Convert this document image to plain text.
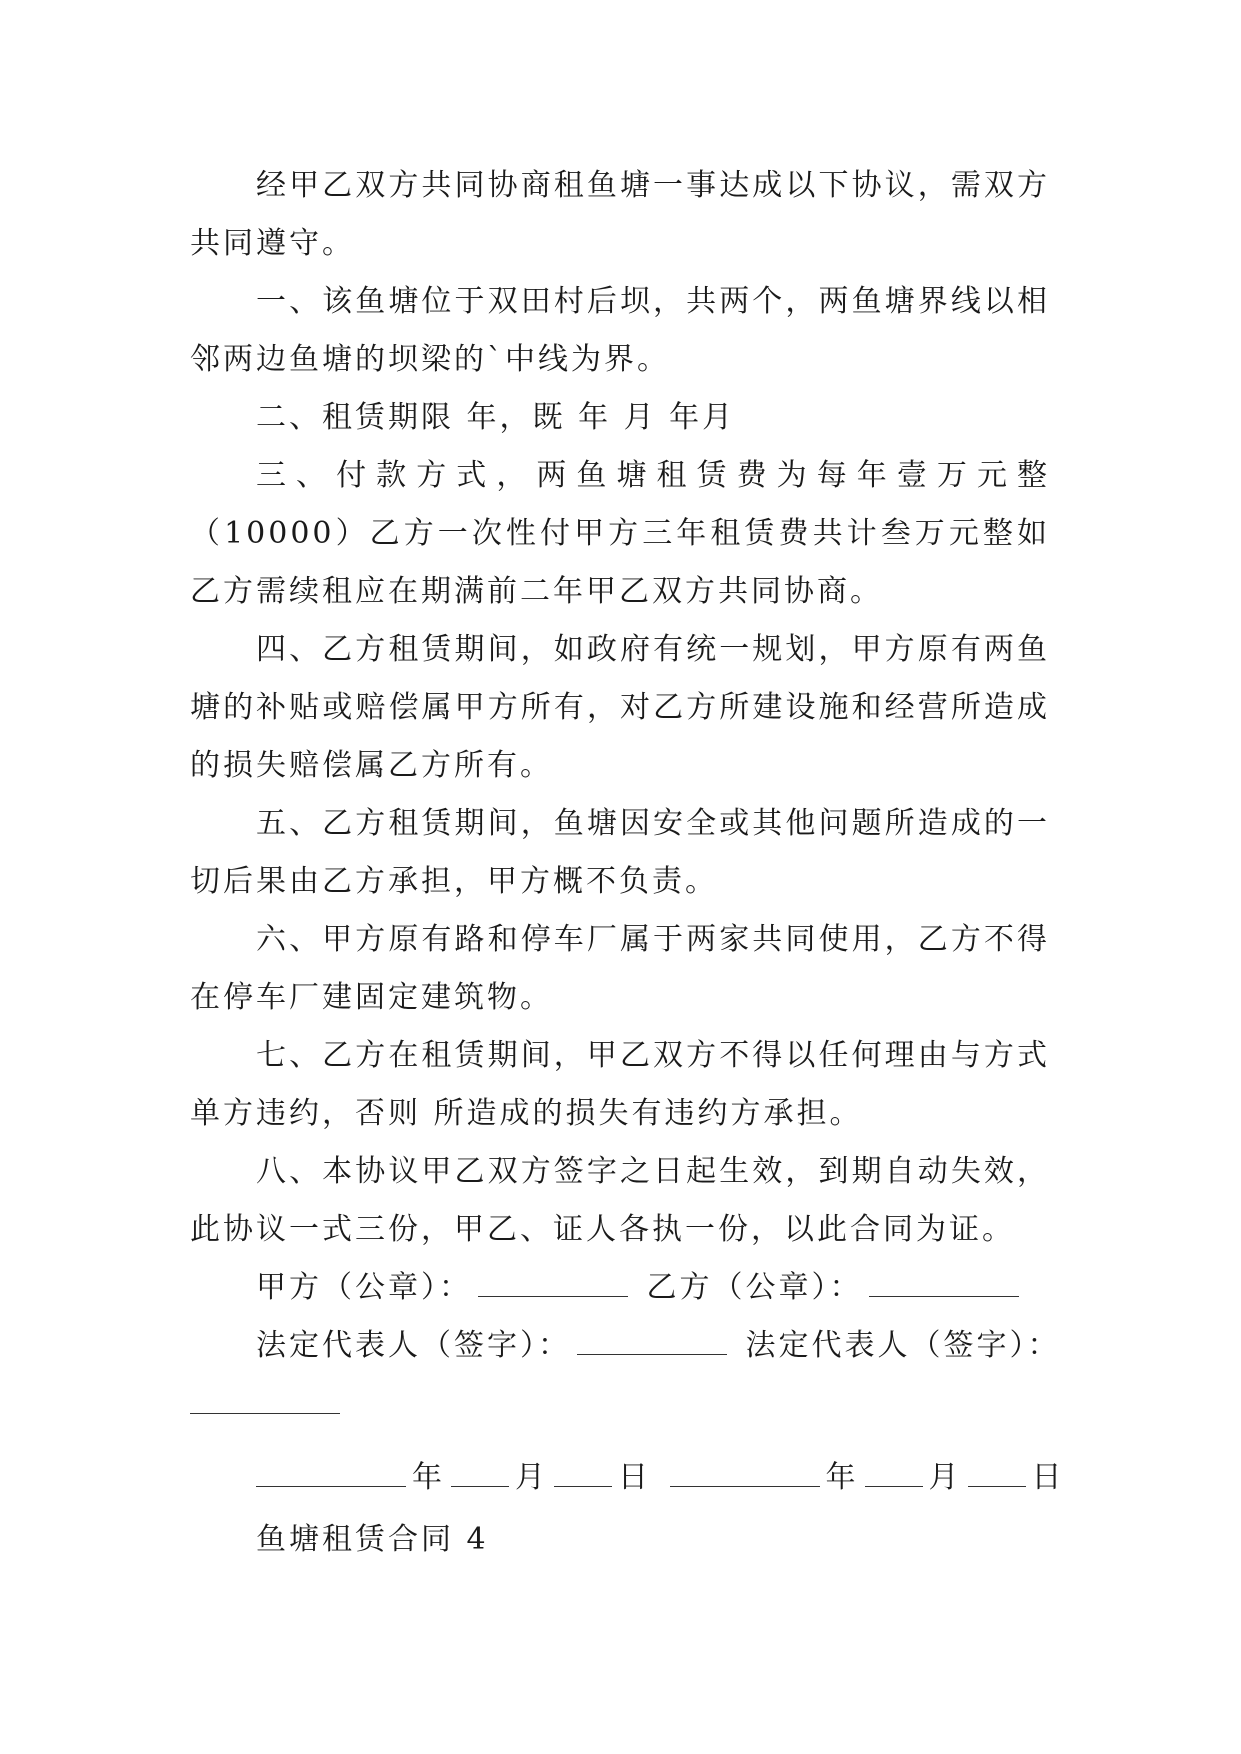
经甲乙双方共同协商租鱼塘一事达成以下协议，需双方共同遵守。

一、该鱼塘位于双田村后坝，共两个，两鱼塘界线以相邻两边鱼塘的坝梁的`中线为界。

二、租赁期限 年，既 年 月 年月

三、付款方式，两鱼塘租赁费为每年壹万元整（10000）乙方一次性付甲方三年租赁费共计叁万元整如乙方需续租应在期满前二年甲乙双方共同协商。

四、乙方租赁期间，如政府有统一规划，甲方原有两鱼塘的补贴或赔偿属甲方所有，对乙方所建设施和经营所造成的损失赔偿属乙方所有。

五、乙方租赁期间，鱼塘因安全或其他问题所造成的一切后果由乙方承担，甲方概不负责。

六、甲方原有路和停车厂属于两家共同使用，乙方不得在停车厂建固定建筑物。

七、乙方在租赁期间，甲乙双方不得以任何理由与方式单方违约，否则 所造成的损失有违约方承担。

八、本协议甲乙双方签字之日起生效，到期自动失效，此协议一式三份，甲乙、证人各执一份，以此合同为证。

甲方（公章）：	乙方（公章）：
法定代表人（签字）：	法定代表人（签字）：
年 月 日	年 月 日
鱼塘租赁合同 4
